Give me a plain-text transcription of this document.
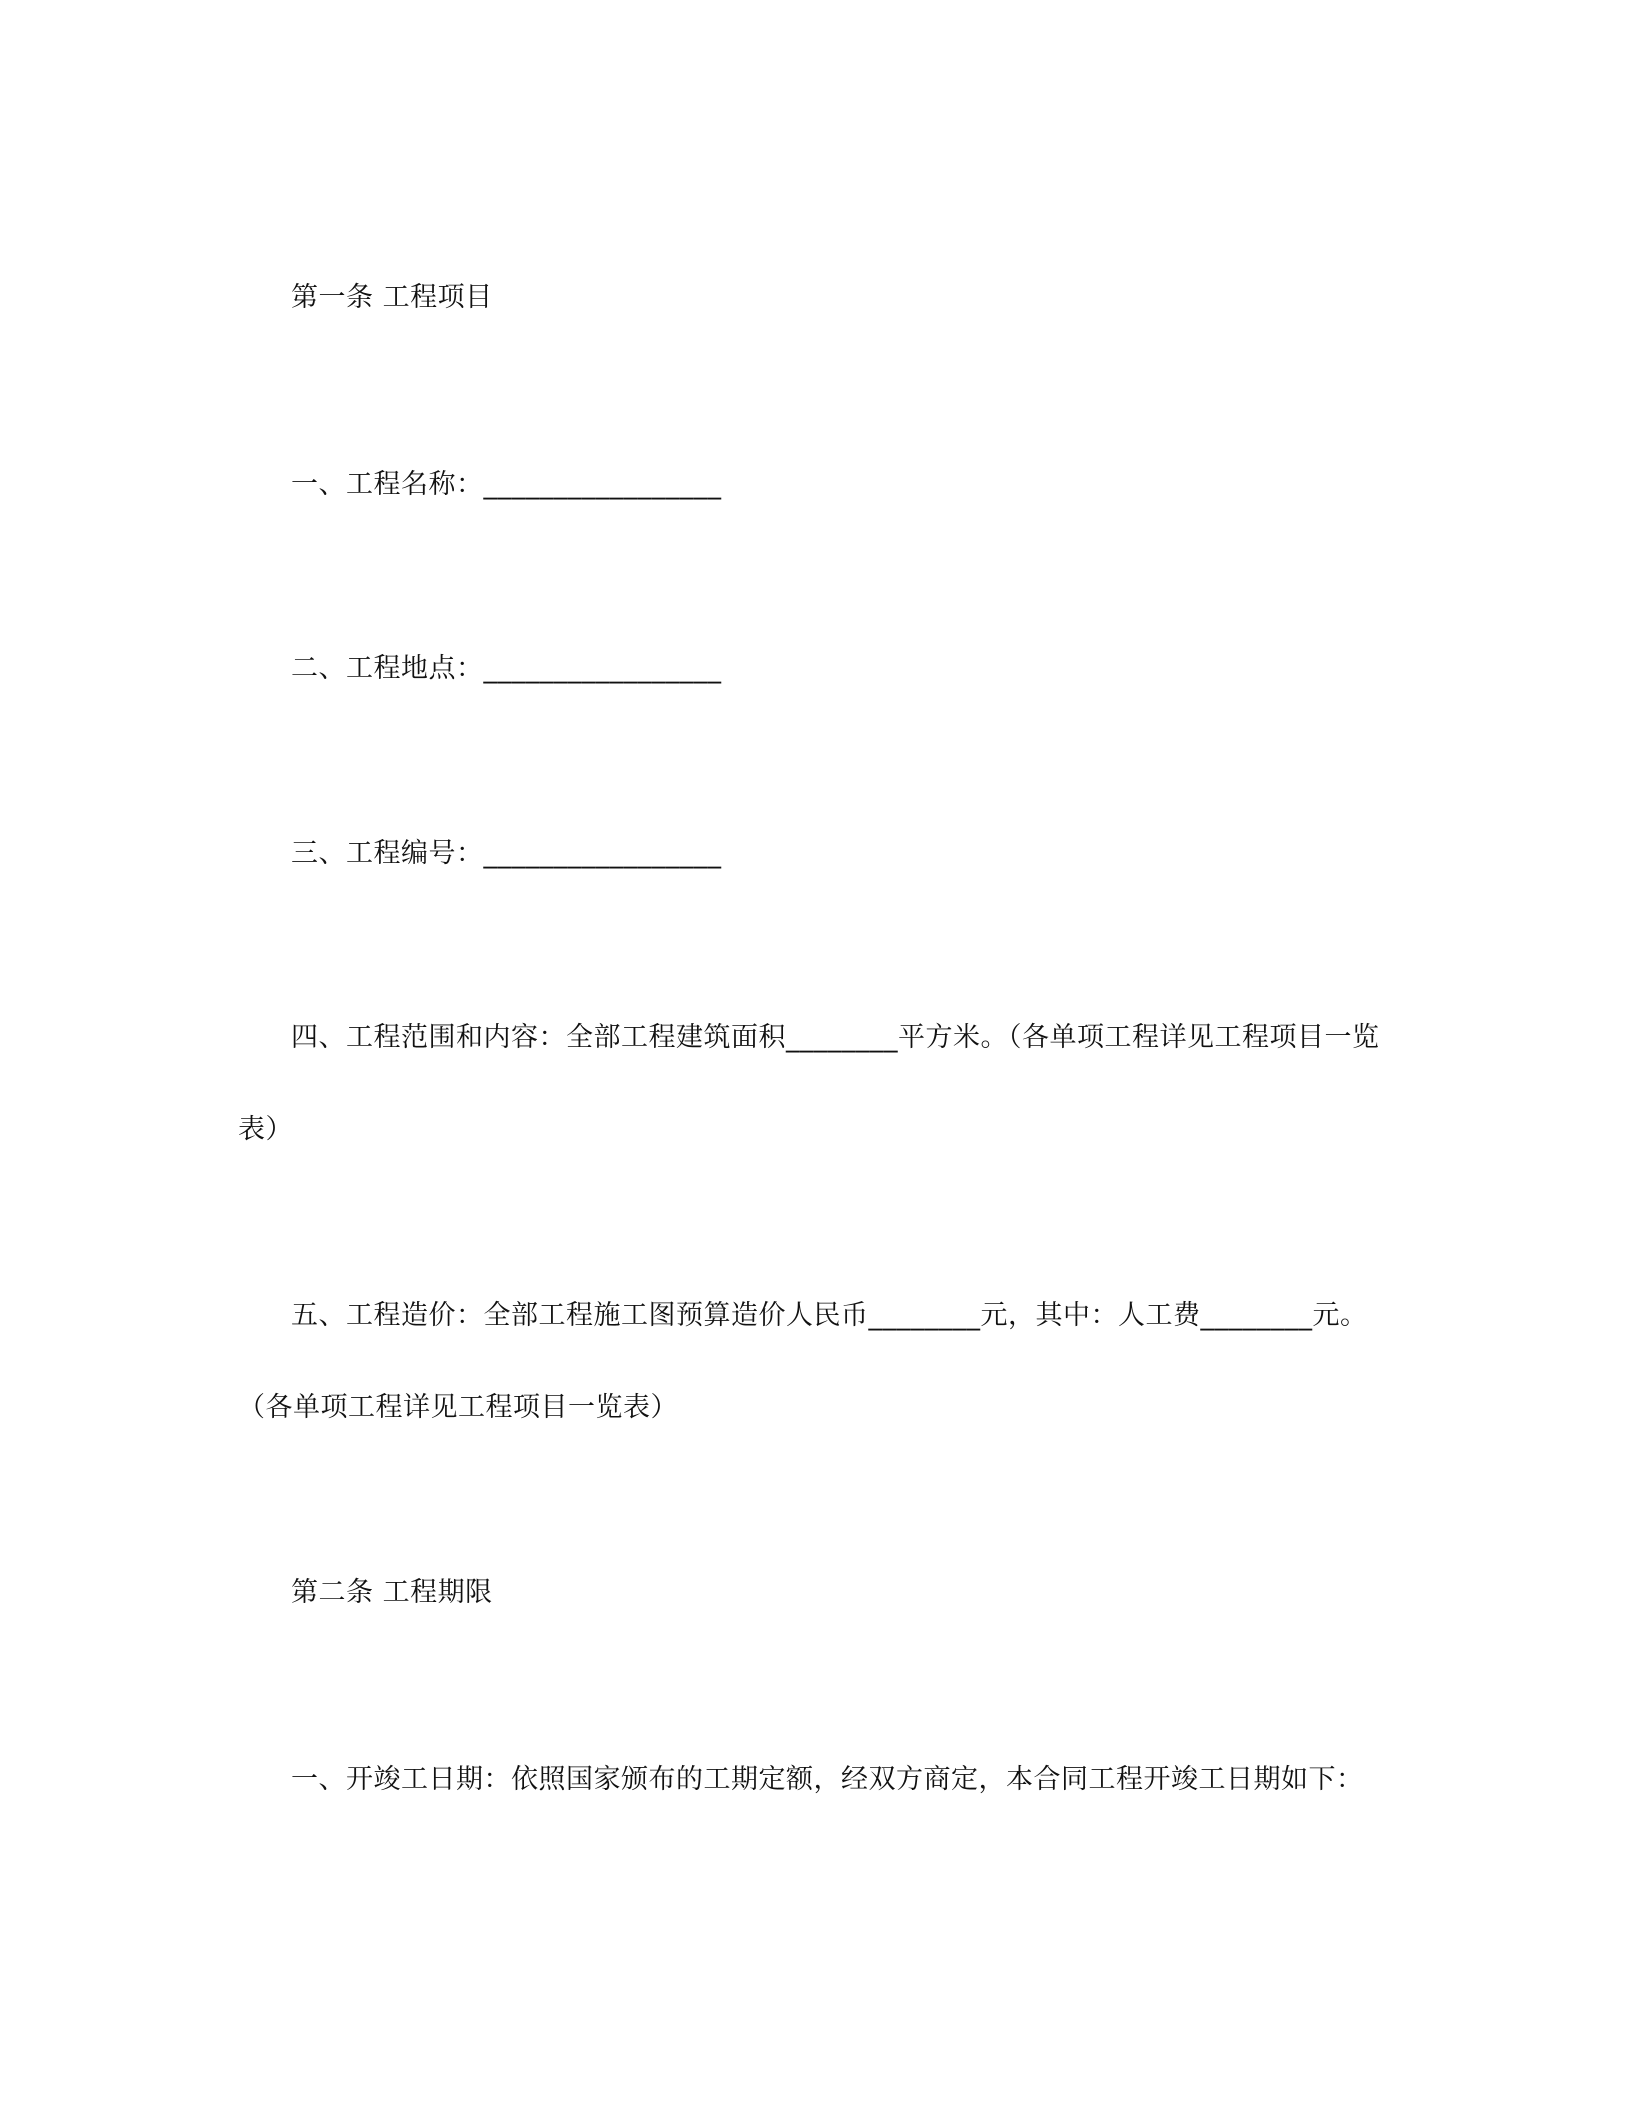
第一条 工程项目
一、工程名称：_________________
二、工程地点：_________________
三、工程编号：_________________
四、工程范围和内容：全部工程建筑面积________平方米。（各单项工程详见工程项目一览
表）
五、工程造价：全部工程施工图预算造价人民币________元，其中：人工费________元。
（各单项工程详见工程项目一览表）
第二条 工程期限
一、开竣工日期：依照国家颁布的工期定额，经双方商定，本合同工程开竣工日期如下：
